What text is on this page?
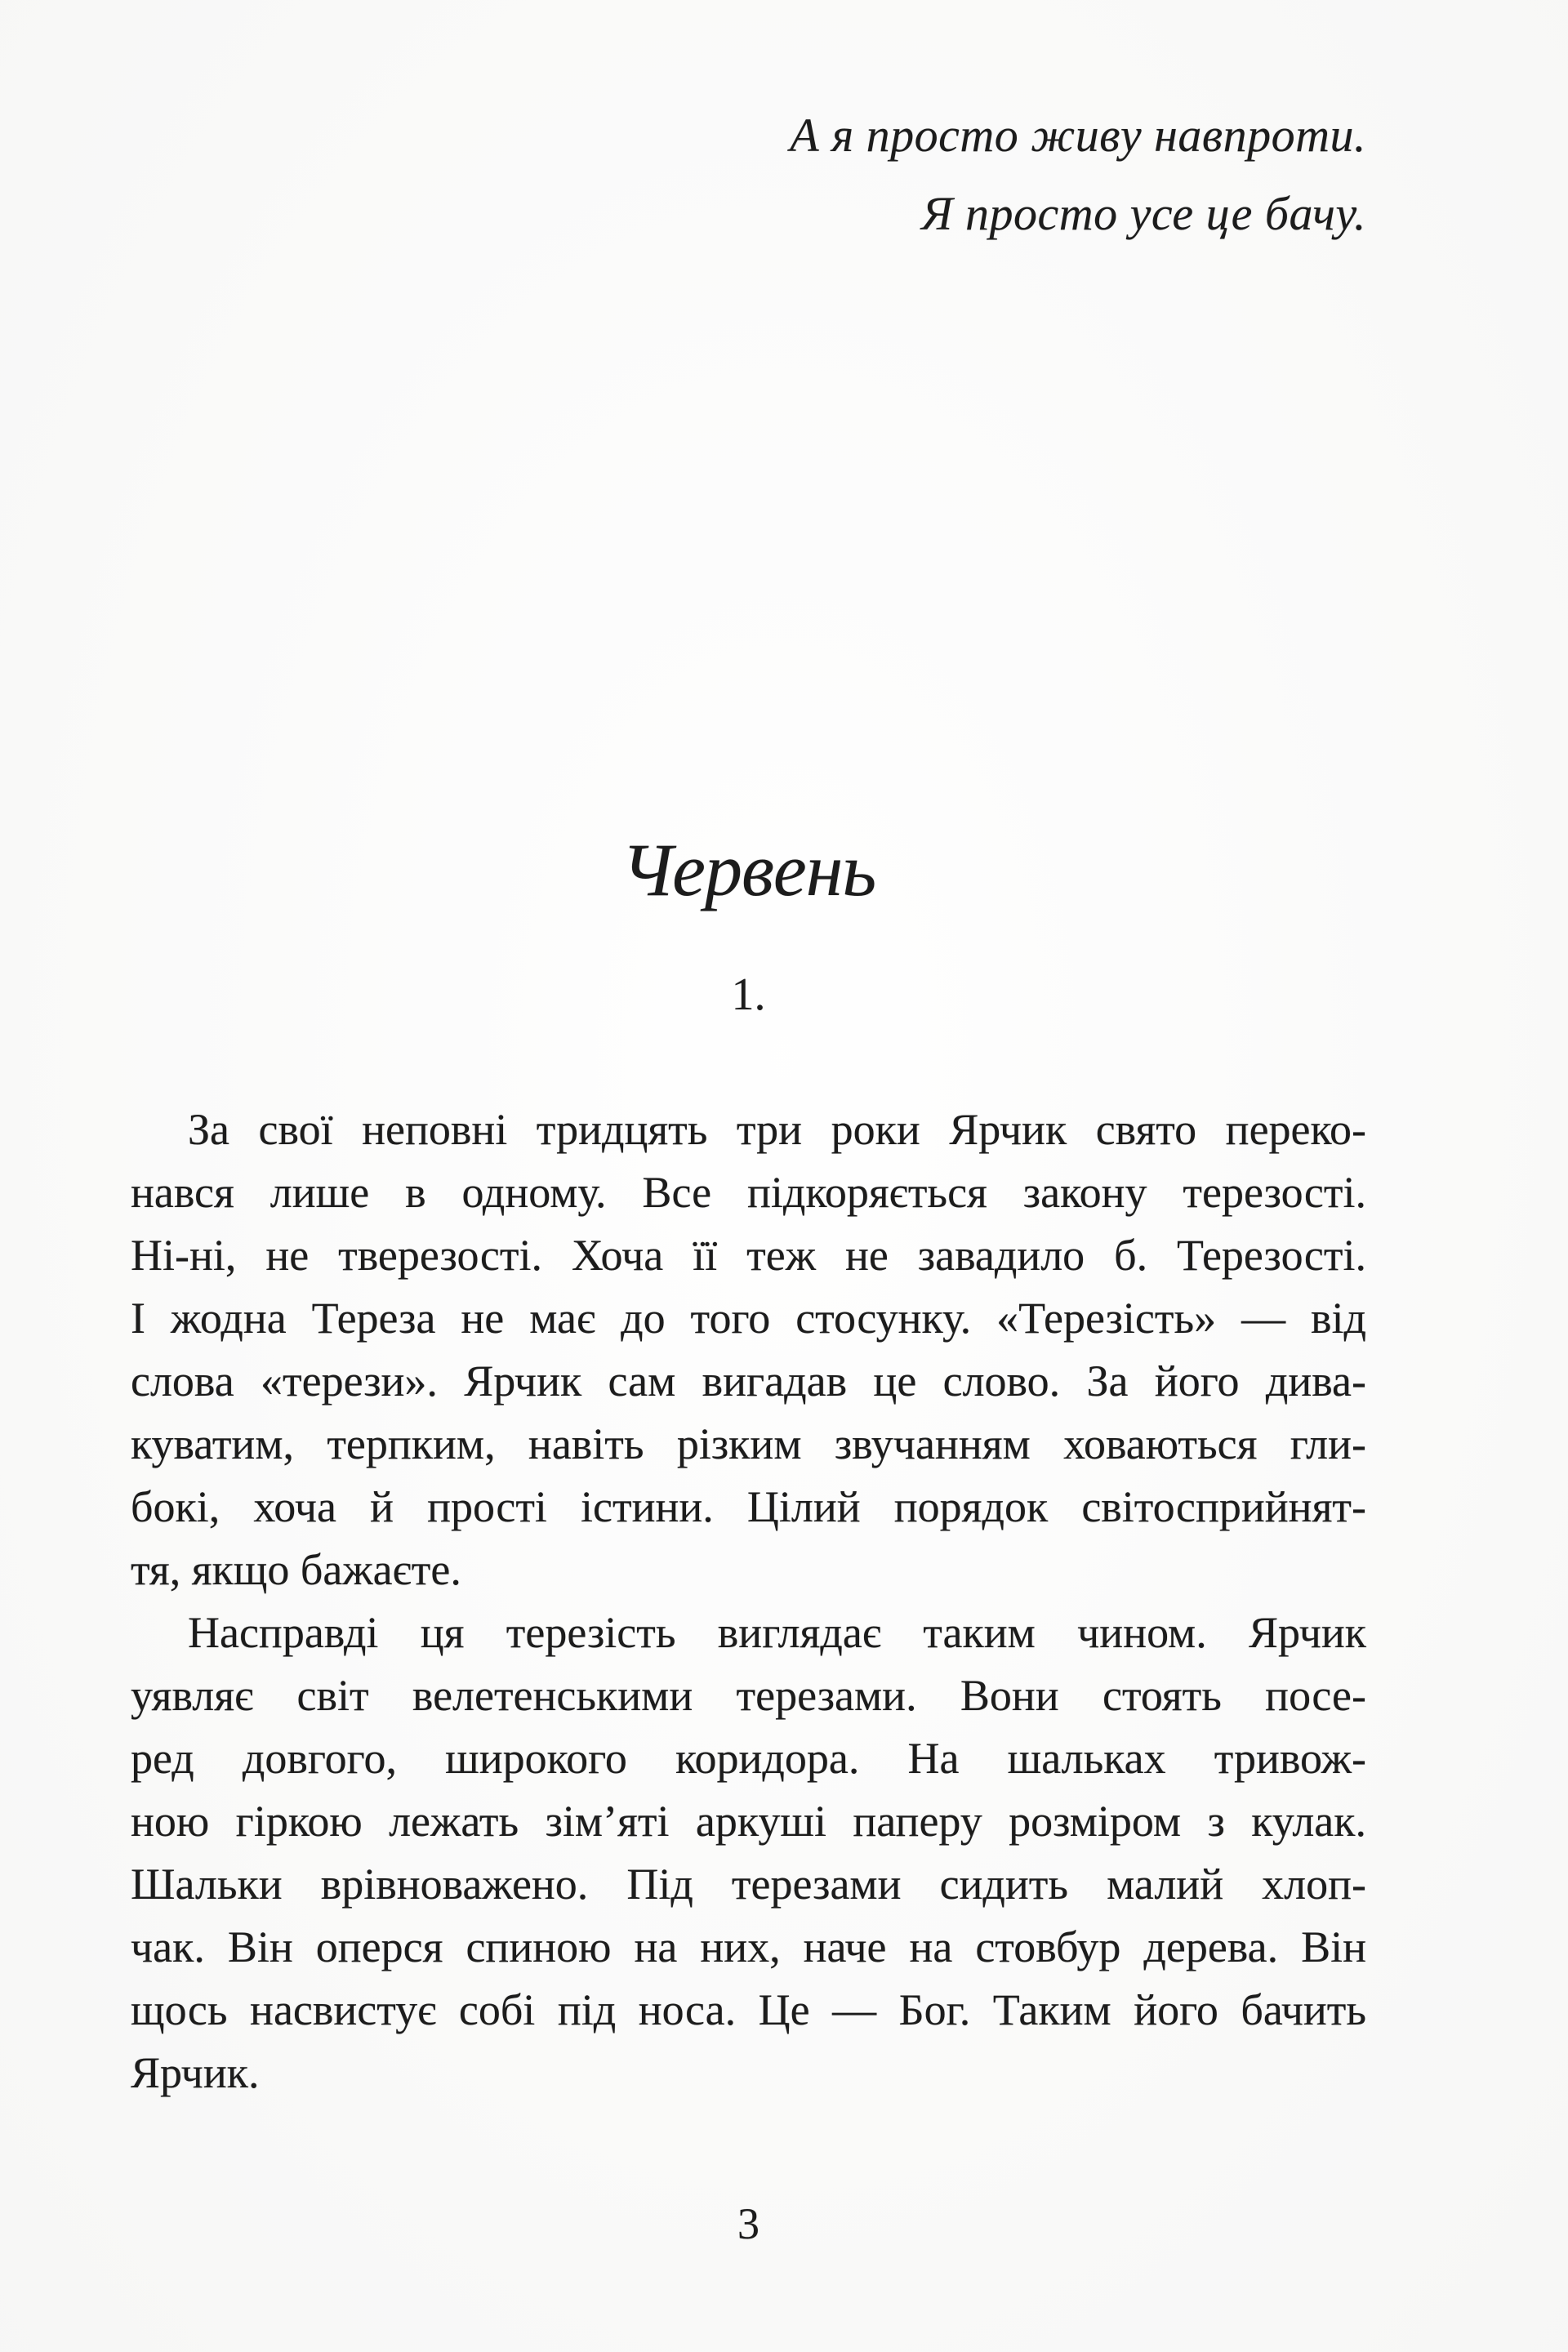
А я просто живу навпроти.
Я просто усе це бачу.
Червень
1.
За свої неповні тридцять три роки Ярчик свято переко-
нався лише в одному. Все підкоряється закону терезості.
Ні-ні, не тверезості. Хоча її теж не завадило б. Терезості.
І жодна Тереза не має до того стосунку. «Терезість» — від
слова «терези». Ярчик сам вигадав це слово. За його дива-
куватим, терпким, навіть різким звучанням ховаються гли-
бокі, хоча й прості істини. Цілий порядок світосприйнят-
тя, якщо бажаєте.
Насправді ця терезість виглядає таким чином. Ярчик
уявляє світ велетенськими терезами. Вони стоять посе-
ред довгого, широкого коридора. На шальках тривож-
ною гіркою лежать зім’яті аркуші паперу розміром з кулак.
Шальки врівноважено. Під терезами сидить малий хлоп-
чак. Він оперся спиною на них, наче на стовбур дерева. Він
щось насвистує собі під носа. Це — Бог. Таким його бачить
Ярчик.
3
